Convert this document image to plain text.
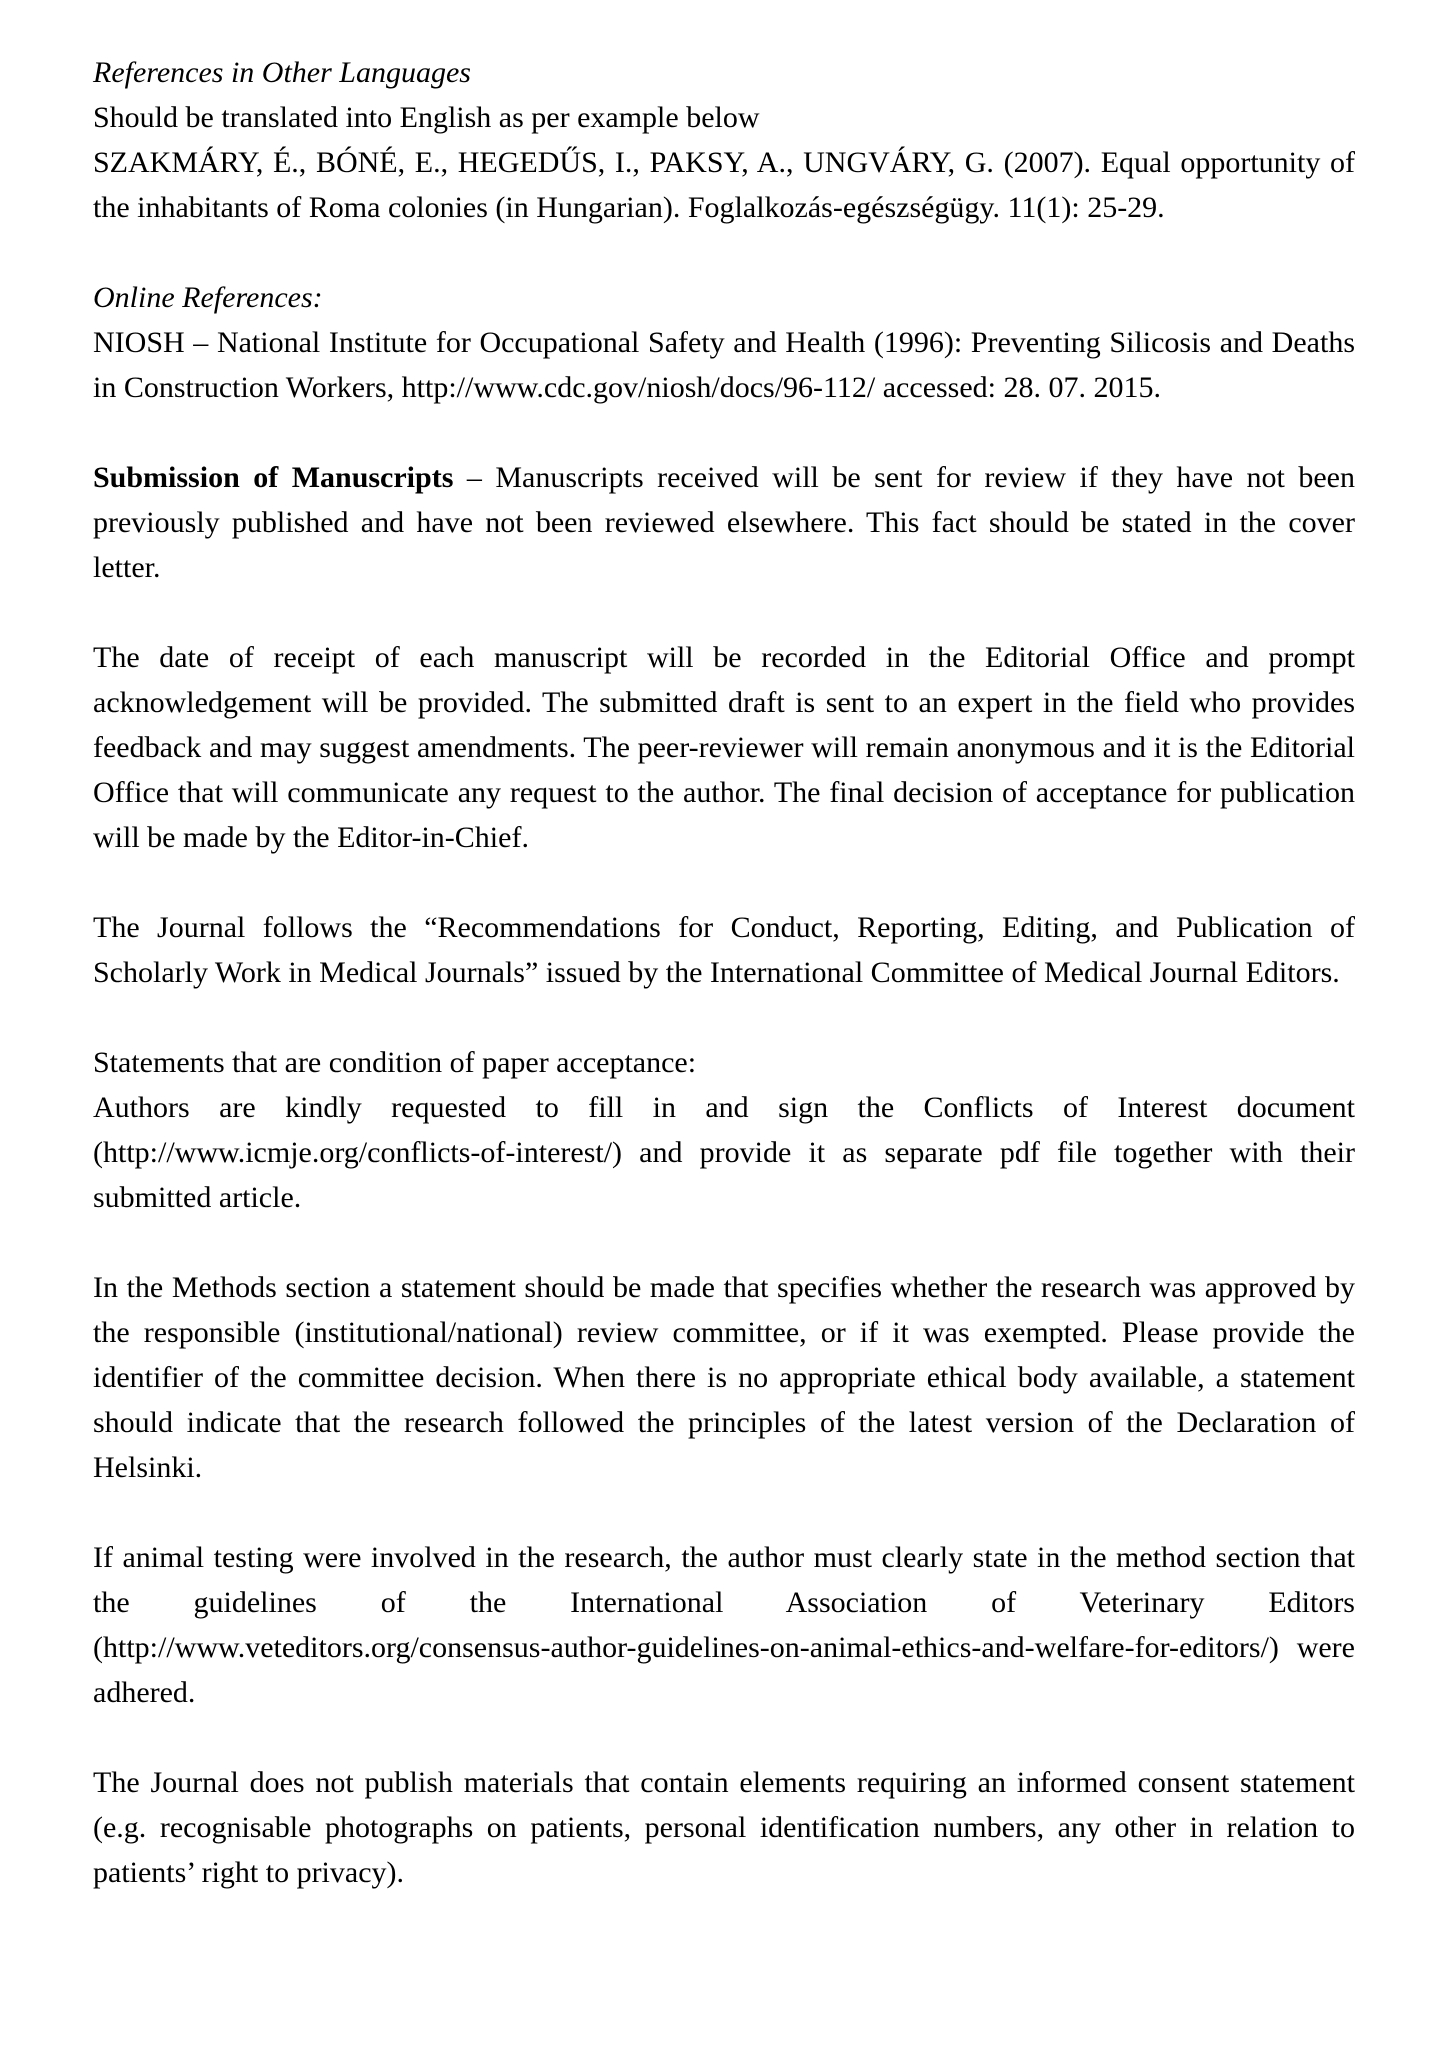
References in Other Languages

Should be translated into English as per example below

SZAKMÁRY, É., BÓNÉ, E., HEGEDŰS, I., PAKSY, A., UNGVÁRY, G. (2007). Equal opportunity of the inhabitants of Roma colonies (in Hungarian). Foglalkozás-egészségügy. 11(1): 25-29.

Online References:

NIOSH – National Institute for Occupational Safety and Health (1996): Preventing Silicosis and Deaths in Construction Workers, http://www.cdc.gov/niosh/docs/96-112/ accessed: 28. 07. 2015.

Submission of Manuscripts – Manuscripts received will be sent for review if they have not been previously published and have not been reviewed elsewhere. This fact should be stated in the cover letter.

The date of receipt of each manuscript will be recorded in the Editorial Office and prompt acknowledgement will be provided. The submitted draft is sent to an expert in the field who provides feedback and may suggest amendments. The peer-reviewer will remain anonymous and it is the Editorial Office that will communicate any request to the author. The final decision of acceptance for publication will be made by the Editor-in-Chief.

The Journal follows the “Recommendations for Conduct, Reporting, Editing, and Publication of Scholarly Work in Medical Journals” issued by the International Committee of Medical Journal Editors.

Statements that are condition of paper acceptance:

Authors are kindly requested to fill in and sign the Conflicts of Interest document (http://www.icmje.org/conflicts-of-interest/) and provide it as separate pdf file together with their submitted article.

In the Methods section a statement should be made that specifies whether the research was approved by the responsible (institutional/national) review committee, or if it was exempted. Please provide the identifier of the committee decision. When there is no appropriate ethical body available, a statement should indicate that the research followed the principles of the latest version of the Declaration of Helsinki.

If animal testing were involved in the research, the author must clearly state in the method section that the guidelines of the International Association of Veterinary Editors (http://www.veteditors.org/consensus-author-guidelines-on-animal-ethics-and-welfare-for-editors/) were adhered.

The Journal does not publish materials that contain elements requiring an informed consent statement (e.g. recognisable photographs on patients, personal identification numbers, any other in relation to patients’ right to privacy).
